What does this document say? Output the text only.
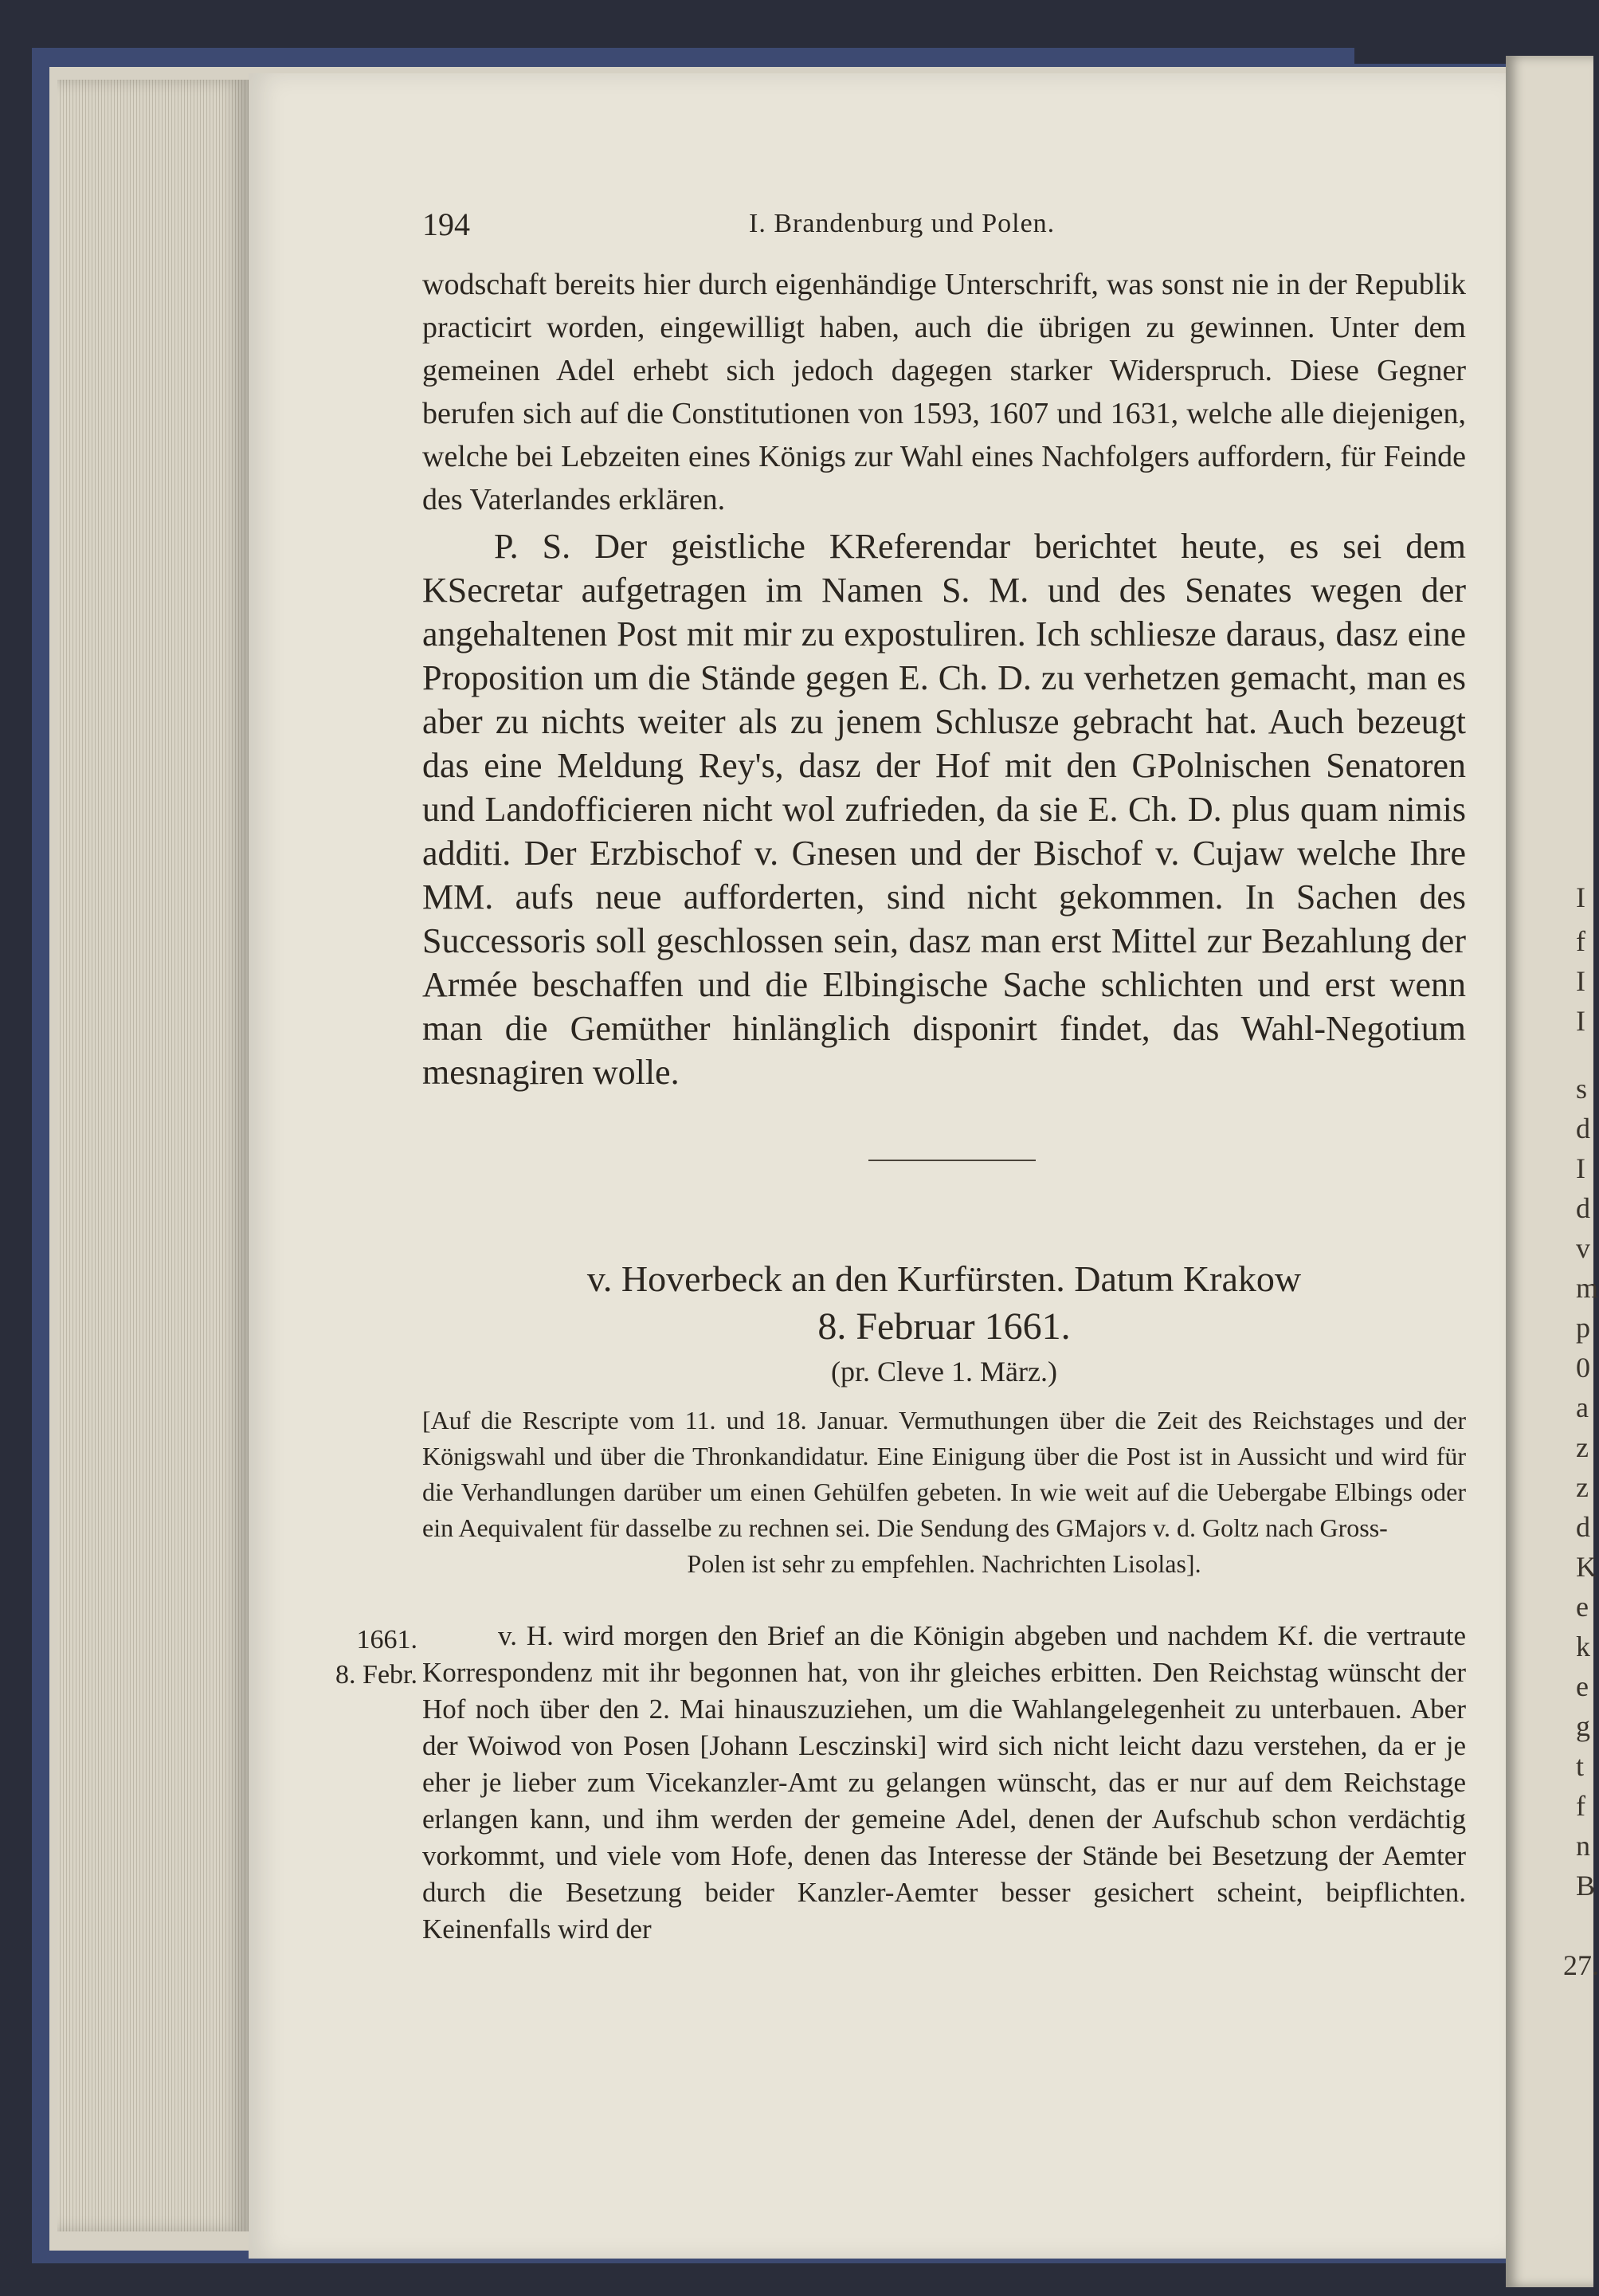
I
f
I
I
s
d
I
d
v
m
p
0
a
z
z
d
K
e
k
e
g
t
f
n
B
27.
194	I. Brandenburg und Polen.

wodschaft bereits hier durch eigenhändige Unterschrift, was sonst nie in der Republik practicirt worden, eingewilligt haben, auch die übrigen zu gewinnen. Unter dem gemeinen Adel erhebt sich jedoch dagegen starker Widerspruch. Diese Gegner berufen sich auf die Constitutionen von 1593, 1607 und 1631, welche alle diejenigen, welche bei Lebzeiten eines Königs zur Wahl eines Nachfolgers auffordern, für Feinde des Vaterlandes erklären.

P. S. Der geistliche KReferendar berichtet heute, es sei dem KSecretar aufgetragen im Namen S. M. und des Senates wegen der angehaltenen Post mit mir zu expostuliren. Ich schliesze daraus, dasz eine Proposition um die Stände gegen E. Ch. D. zu verhetzen gemacht, man es aber zu nichts weiter als zu jenem Schlusze gebracht hat. Auch bezeugt das eine Meldung Rey's, dasz der Hof mit den GPolnischen Senatoren und Landofficieren nicht wol zufrieden, da sie E. Ch. D. plus quam nimis additi. Der Erzbischof v. Gnesen und der Bischof v. Cujaw welche Ihre MM. aufs neue aufforderten, sind nicht gekommen. In Sachen des Successoris soll geschlossen sein, dasz man erst Mittel zur Bezahlung der Armée beschaffen und die Elbingische Sache schlichten und erst wenn man die Gemüther hinlänglich disponirt findet, das Wahl-Negotium mesnagiren wolle.

v. Hoverbeck an den Kurfürsten. Datum Krakow
8. Februar 1661.
(pr. Cleve 1. März.)
[Auf die Rescripte vom 11. und 18. Januar. Vermuthungen über die Zeit des Reichstages und der Königswahl und über die Thronkandidatur. Eine Einigung über die Post ist in Aussicht und wird für die Verhandlungen darüber um einen Gehülfen gebeten. In wie weit auf die Uebergabe Elbings oder ein Aequivalent für dasselbe zu rechnen sei. Die Sendung des GMajors v. d. Goltz nach Gross-
Polen ist sehr zu empfehlen. Nachrichten Lisolas].
1661.
8. Febr.
v. H. wird morgen den Brief an die Königin abgeben und nachdem Kf. die vertraute Korrespondenz mit ihr begonnen hat, von ihr gleiches erbitten. Den Reichstag wünscht der Hof noch über den 2. Mai hinauszuziehen, um die Wahlangelegenheit zu unterbauen. Aber der Woiwod von Posen [Johann Lesczinski] wird sich nicht leicht dazu verstehen, da er je eher je lieber zum Vicekanzler-Amt zu gelangen wünscht, das er nur auf dem Reichstage erlangen kann, und ihm werden der gemeine Adel, denen der Aufschub schon verdächtig vorkommt, und viele vom Hofe, denen das Interesse der Stände bei Besetzung der Aemter durch die Besetzung beider Kanzler-Aemter besser gesichert scheint, beipflichten. Keinenfalls wird der
